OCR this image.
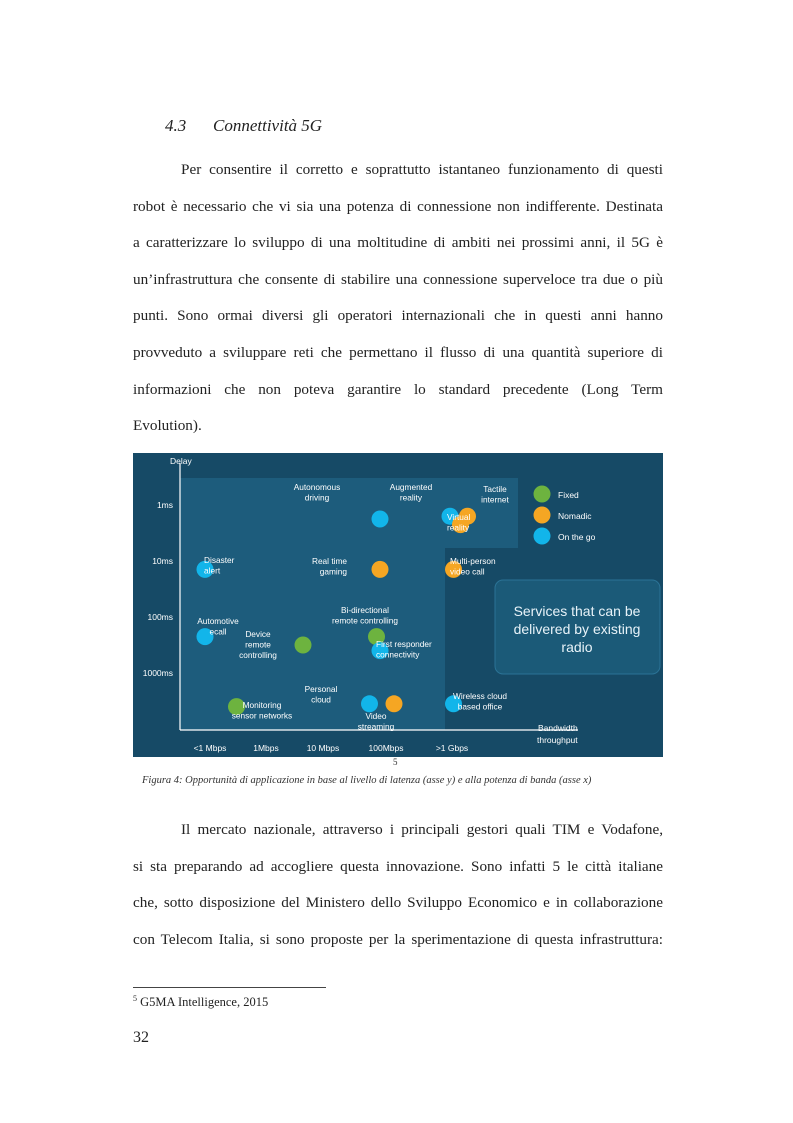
4.3 Connettività 5G
Per consentire il corretto e soprattutto istantaneo funzionamento di questi
robot è necessario che vi sia una potenza di connessione non indifferente. Destinata
a caratterizzare lo sviluppo di una moltitudine di ambiti nei prossimi anni, il 5G è
un’infrastruttura che consente di stabilire una connessione superveloce tra due o più
punti. Sono ormai diversi gli operatori internazionali che in questi anni hanno
provveduto a sviluppare reti che permettano il flusso di una quantità superiore di
informazioni che non poteva garantire lo standard precedente (Long Term
Evolution).
Delay
Bandwidth
throughput
1ms
10ms
100ms
1000ms
<1 Mbps	1Mbps	10 Mbps	100Mbps	>1 Gbps
Services that can be
delivered by existing
radio
Fixed
Nomadic
On the go
Autonomous
driving
Augmented
reality
Tactile
internet
Virtual
reality
Disaster
alert
Real time
gaming
Multi-person
video call
Automotive
ecall Device
remote
controlling
Bi-directional
remote controlling
First responder
connectivity
Monitoring
sensor networks
Personal
cloud
Video
streaming
Wireless cloud
based office
5
Figura 4: Opportunità di applicazione in base al livello di latenza (asse y) e alla potenza di banda (asse x)
Il mercato nazionale, attraverso i principali gestori quali TIM e Vodafone,
si sta preparando ad accogliere questa innovazione. Sono infatti 5 le città italiane
che, sotto disposizione del Ministero dello Sviluppo Economico e in collaborazione
con Telecom Italia, si sono proposte per la sperimentazione di questa infrastruttura:
$^5$ G5MA Intelligence, 2015
32
